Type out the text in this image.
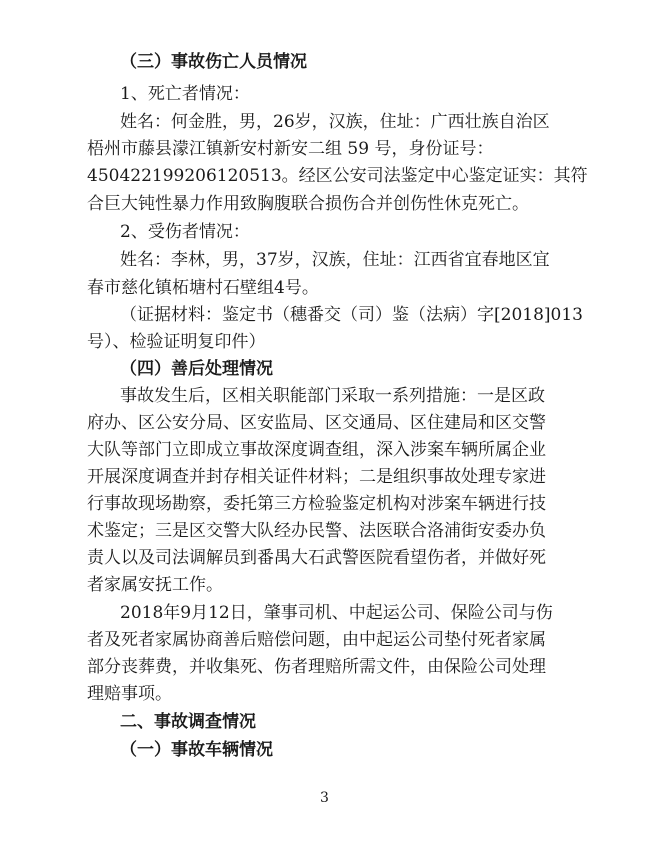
（三）事故伤亡人员情况
1、死亡者情况：
姓名：何金胜，男，26岁，汉族，住址：广西壮族自治区
梧州市藤县濛江镇新安村新安二组 59 号，身份证号：
450422199206120513。经区公安司法鉴定中心鉴定证实：其符
合巨大钝性暴力作用致胸腹联合损伤合并创伤性休克死亡。
2、受伤者情况：
姓名：李林，男，37岁，汉族，住址：江西省宜春地区宜
春市慈化镇柘塘村石壁组4号。
（证据材料：鉴定书（穗番交（司）鉴（法病）字[2018]013
号）、检验证明复印件）
（四）善后处理情况
事故发生后，区相关职能部门采取一系列措施：一是区政
府办、区公安分局、区安监局、区交通局、区住建局和区交警
大队等部门立即成立事故深度调查组，深入涉案车辆所属企业
开展深度调查并封存相关证件材料；二是组织事故处理专家进
行事故现场勘察，委托第三方检验鉴定机构对涉案车辆进行技
术鉴定；三是区交警大队经办民警、法医联合洛浦街安委办负
责人以及司法调解员到番禺大石武警医院看望伤者，并做好死
者家属安抚工作。
2018年9月12日，肇事司机、中起运公司、保险公司与伤
者及死者家属协商善后赔偿问题，由中起运公司垫付死者家属
部分丧葬费，并收集死、伤者理赔所需文件，由保险公司处理
理赔事项。
二、事故调查情况
（一）事故车辆情况
3
